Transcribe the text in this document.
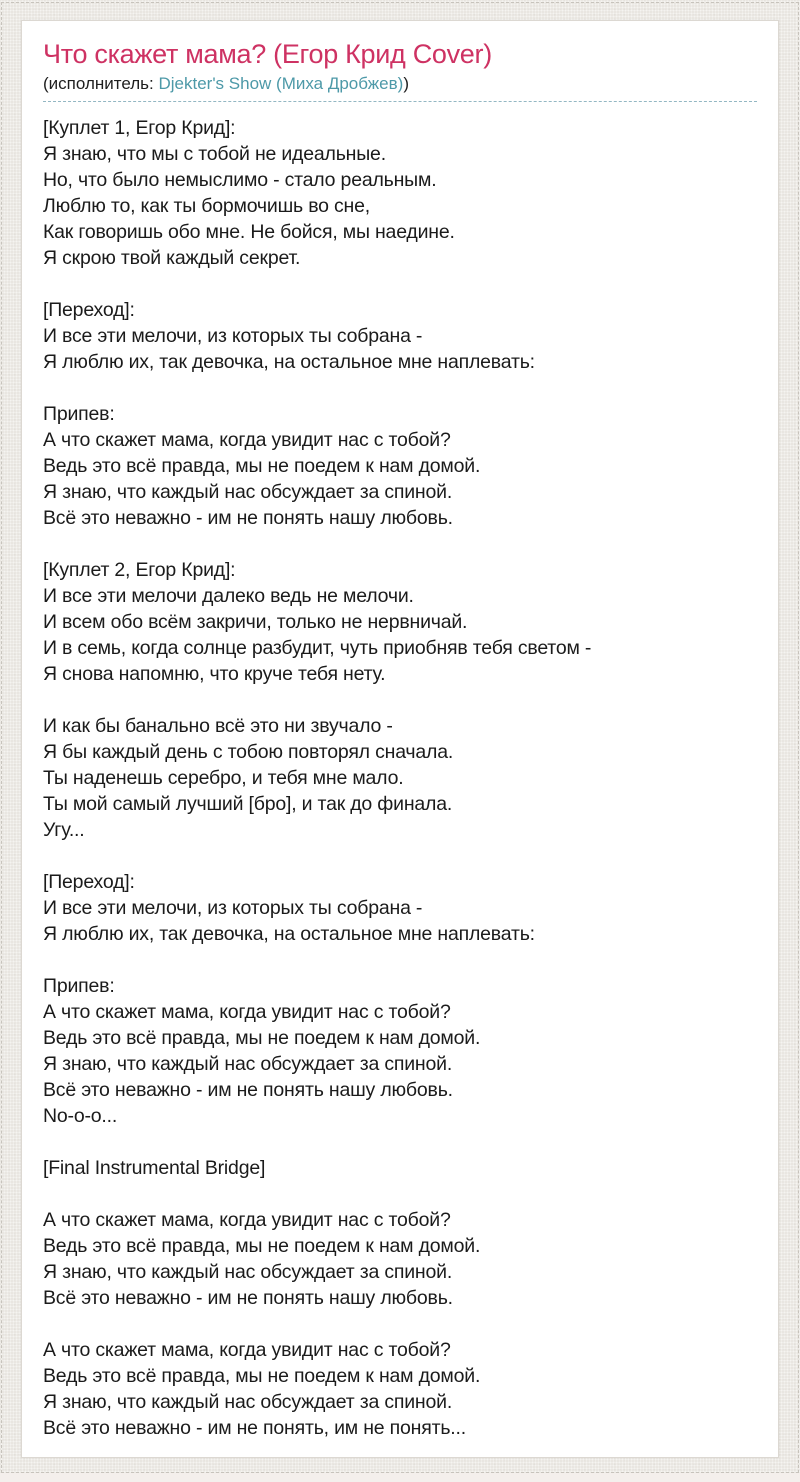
Что скажет мама? (Егор Крид Cover)
(исполнитель: Djekter's Show (Миха Дробжев))

[Куплет 1, Егор Крид]:
Я знаю, что мы с тобой не идеальные.
Но, что было немыслимо - стало реальным.
Люблю то, как ты бормочишь во сне,
Как говоришь обо мне. Не бойся, мы наедине.
Я скрою твой каждый секрет.

[Переход]:
И все эти мелочи, из которых ты собрана -
Я люблю их, так девочка, на остальное мне наплевать:

Припев:
А что скажет мама, когда увидит нас с тобой?
Ведь это всё правда, мы не поедем к нам домой.
Я знаю, что каждый нас обсуждает за спиной.
Всё это неважно - им не понять нашу любовь.

[Куплет 2, Егор Крид]:
И все эти мелочи далеко ведь не мелочи.
И всем обо всём закричи, только не нервничай.
И в семь, когда солнце разбудит, чуть приобняв тебя светом -
Я снова напомню, что круче тебя нету.

И как бы банально всё это ни звучало -
Я бы каждый день с тобою повторял сначала.
Ты наденешь серебро, и тебя мне мало.
Ты мой самый лучший [бро], и так до финала.
Угу...

[Переход]:
И все эти мелочи, из которых ты собрана -
Я люблю их, так девочка, на остальное мне наплевать:

Припев:
А что скажет мама, когда увидит нас с тобой?
Ведь это всё правда, мы не поедем к нам домой.
Я знаю, что каждый нас обсуждает за спиной.
Всё это неважно - им не понять нашу любовь.
No-o-o...

[Final Instrumental Bridge]

А что скажет мама, когда увидит нас с тобой?
Ведь это всё правда, мы не поедем к нам домой.
Я знаю, что каждый нас обсуждает за спиной.
Всё это неважно - им не понять нашу любовь.

А что скажет мама, когда увидит нас с тобой?
Ведь это всё правда, мы не поедем к нам домой.
Я знаю, что каждый нас обсуждает за спиной.
Всё это неважно - им не понять, им не понять...
